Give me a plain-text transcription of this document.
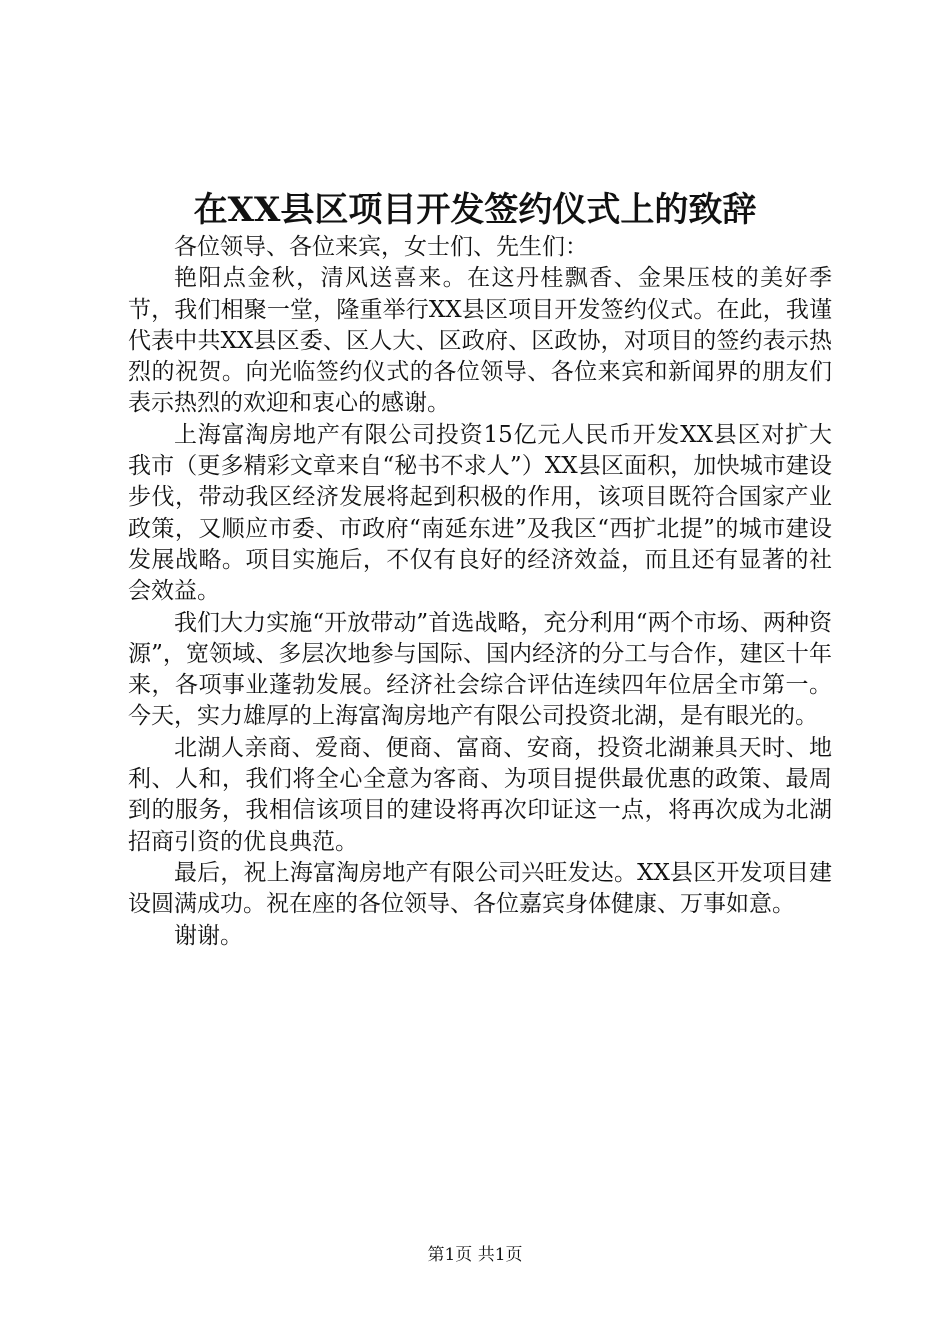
在XX县区项目开发签约仪式上的致辞

各位领导、各位来宾，女士们、先生们：

艳阳点金秋，清风送喜来。在这丹桂飘香、金果压枝的美好季节，我们相聚一堂，隆重举行XX县区项目开发签约仪式。在此，我谨代表中共XX县区委、区人大、区政府、区政协，对项目的签约表示热烈的祝贺。向光临签约仪式的各位领导、各位来宾和新闻界的朋友们表示热烈的欢迎和衷心的感谢。

上海富淘房地产有限公司投资15亿元人民币开发XX县区对扩大我市（更多精彩文章来自“秘书不求人”）XX县区面积，加快城市建设步伐，带动我区经济发展将起到积极的作用，该项目既符合国家产业政策，又顺应市委、市政府“南延东进”及我区“西扩北提”的城市建设发展战略。项目实施后，不仅有良好的经济效益，而且还有显著的社会效益。

我们大力实施“开放带动”首选战略，充分利用“两个市场、两种资源”，宽领域、多层次地参与国际、国内经济的分工与合作，建区十年来，各项事业蓬勃发展。经济社会综合评估连续四年位居全市第一。今天，实力雄厚的上海富淘房地产有限公司投资北湖，是有眼光的。

北湖人亲商、爱商、便商、富商、安商，投资北湖兼具天时、地利、人和，我们将全心全意为客商、为项目提供最优惠的政策、最周到的服务，我相信该项目的建设将再次印证这一点，将再次成为北湖招商引资的优良典范。

最后，祝上海富淘房地产有限公司兴旺发达。XX县区开发项目建设圆满成功。祝在座的各位领导、各位嘉宾身体健康、万事如意。

谢谢。

第1页 共1页
